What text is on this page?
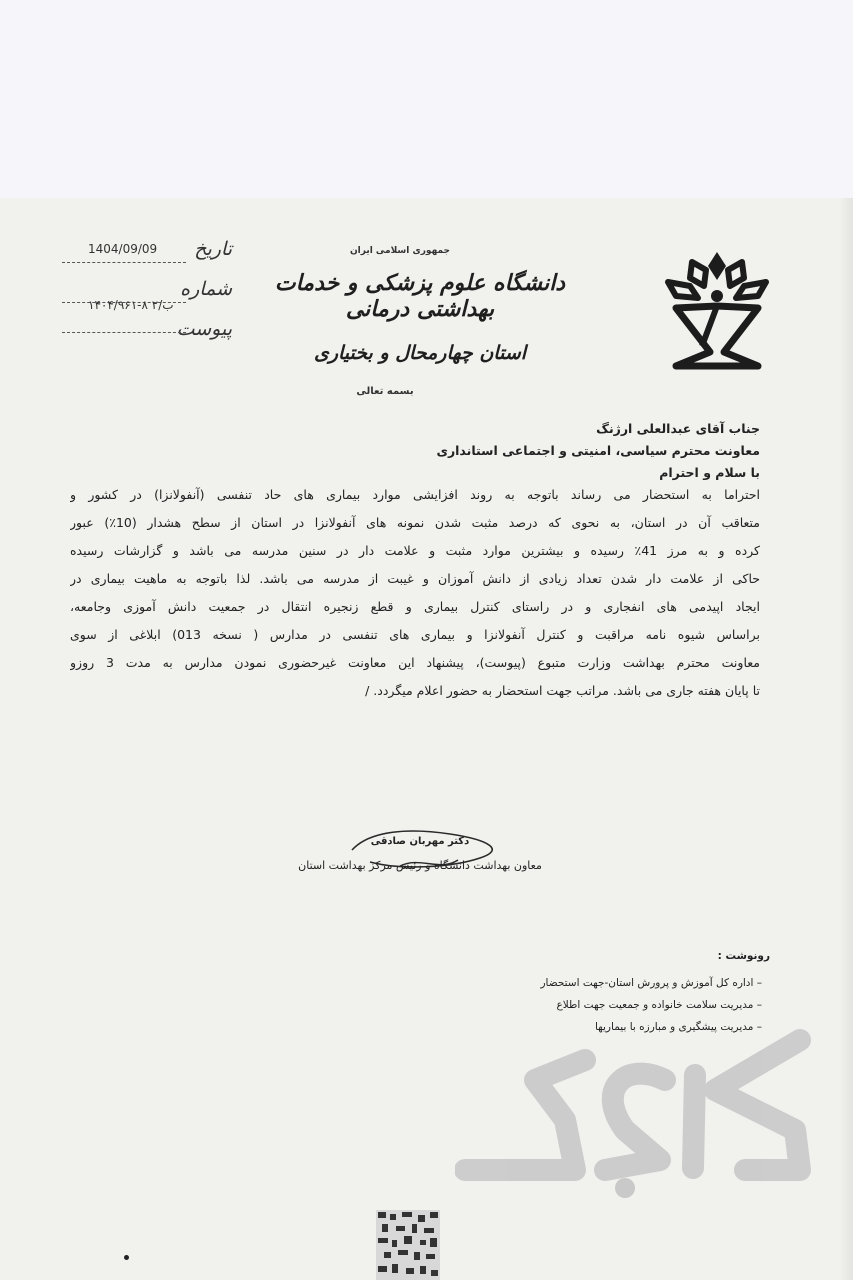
تاریخ
1404/09/09
شماره
۱۴۰۴/۹۶۱-۸ ب/۲
پیوست
جمهوری اسلامی ایران
دانشگاه علوم پزشکی و خدمات بهداشتی درمانی
استان چهارمحال و بختیاری
بسمه تعالی
جناب آقای عبدالعلی ارژنگ
معاونت محترم سیاسی، امنیتی و اجتماعی استانداری
با سلام و احترام
احتراما به استحضار می رساند باتوجه به روند افزایشی موارد بیماری های حاد تنفسی (آنفولانزا) در کشور و
متعاقب آن در استان، به نحوی که درصد مثبت شدن نمونه های آنفولانزا در استان از سطح هشدار (10٪) عبور
کرده و به مرز 41٪ رسیده و بیشترین موارد مثبت و علامت دار در سنین مدرسه می باشد و گزارشات رسیده
حاکی از علامت دار شدن تعداد زیادی از دانش آموزان و غیبت از مدرسه می باشد. لذا باتوجه به ماهیت بیماری در
ایجاد اپیدمی های انفجاری و در راستای کنترل بیماری و قطع زنجیره انتقال در جمعیت دانش آموزی وجامعه،
براساس شیوه نامه مراقبت و کنترل آنفولانزا و بیماری های تنفسی در مدارس ( نسخه 013) ابلاغی از سوی
معاونت محترم بهداشت وزارت متبوع (پیوست)، پیشنهاد این معاونت غیرحضوری نمودن مدارس به مدت 3 روزو
تا پایان هفته جاری می باشد. مراتب جهت استحضار به حضور اعلام میگردد. /
دکتر مهربان صادقی
معاون بهداشت دانشگاه و رئیس مرکز بهداشت استان
رونوشت :
– اداره کل آموزش و پرورش استان-جهت استحضار
– مدیریت سلامت خانواده و جمعیت جهت اطلاع
– مدیریت پیشگیری و مبارزه با بیماریها
